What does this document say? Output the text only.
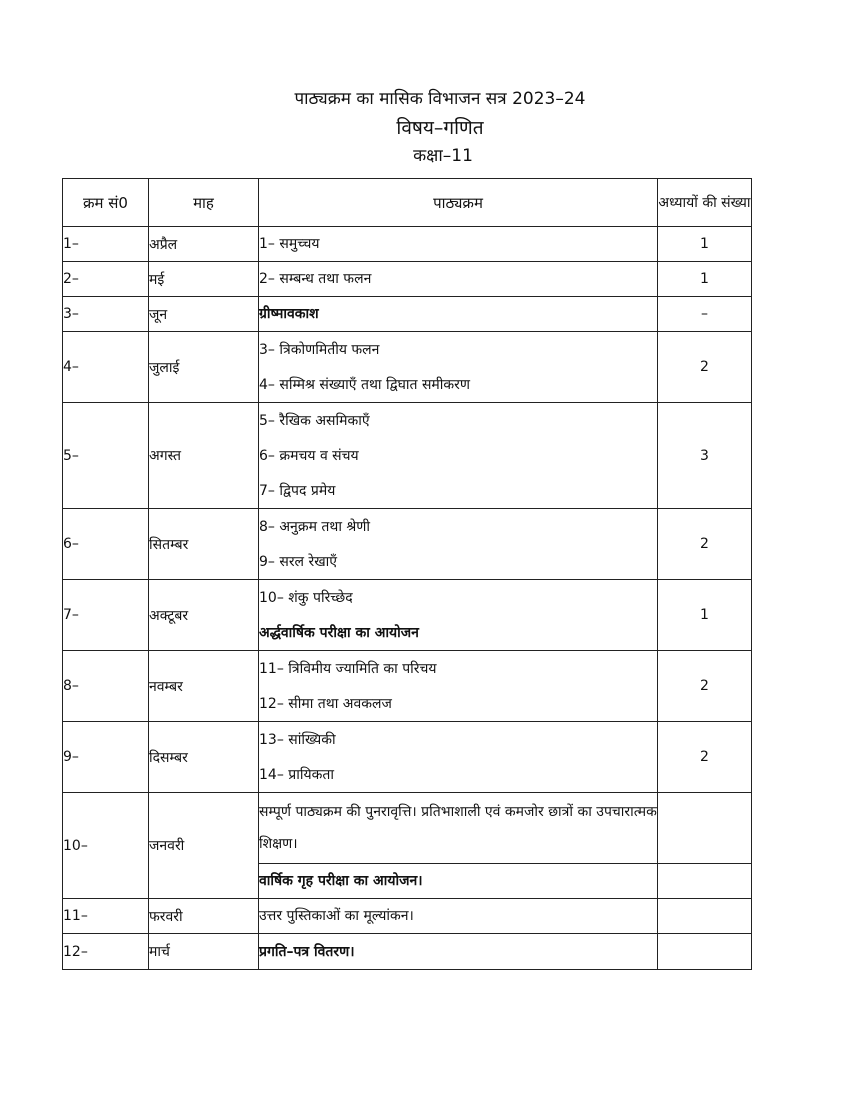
पाठ्यक्रम का मासिक विभाजन सत्र 2023–24
विषय–गणित
कक्षा–11
क्रम सं0	माह	पाठ्यक्रम	अध्यायों की संख्या
1–	अप्रैल	1– समुच्चय	1
2–	मई	2– सम्बन्ध तथा फलन	1
3–	जून	ग्रीष्मावकाश	–
4–	जुलाई	3– त्रिकोणमितीय फलन
4– सम्मिश्र संख्याएँ तथा द्विघात समीकरण	2
5–	अगस्त	5– रैखिक असमिकाएँ
6– क्रमचय व संचय
7– द्विपद प्रमेय	3
6–	सितम्बर	8– अनुक्रम तथा श्रेणी
9– सरल रेखाएँ	2
7–	अक्टूबर	10– शंकु परिच्छेद
अर्द्धवार्षिक परीक्षा का आयोजन	1
8–	नवम्बर	11– त्रिविमीय ज्यामिति का परिचय
12– सीमा तथा अवकलज	2
9–	दिसम्बर	13– सांख्यिकी
14– प्रायिकता	2
10–	जनवरी	सम्पूर्ण पाठ्यक्रम की पुनरावृत्ति। प्रतिभाशाली एवं कमजोर छात्रों का उपचारात्मक शिक्षण।	

		वार्षिक गृह परीक्षा का आयोजन।	

11–	फरवरी	उत्तर पुस्तिकाओं का मूल्यांकन।	

12–	मार्च	प्रगति–पत्र वितरण।	
